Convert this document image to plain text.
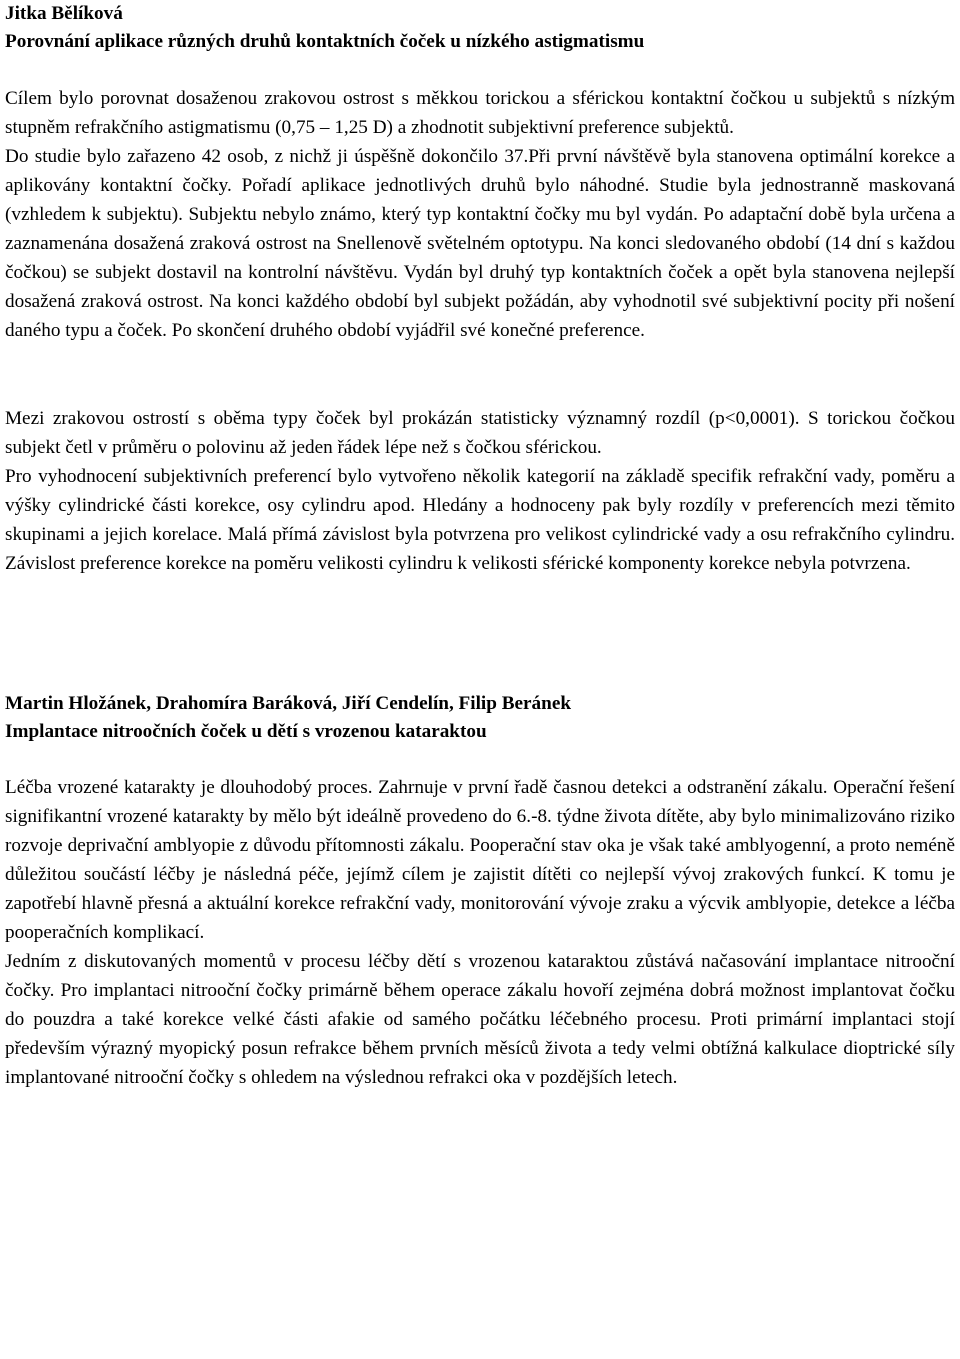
Jitka Bělíková

Porovnání aplikace různých druhů kontaktních čoček u nízkého astigmatismu

Cílem bylo porovnat dosaženou zrakovou ostrost s měkkou torickou a sférickou kontaktní čočkou u subjektů s nízkým stupněm refrakčního astigmatismu (0,75 – 1,25 D) a zhodnotit subjektivní preference subjektů.

Do studie bylo zařazeno 42 osob, z nichž ji úspěšně dokončilo 37.Při první návštěvě byla stanovena optimální korekce a aplikovány kontaktní čočky. Pořadí aplikace jednotlivých druhů bylo náhodné. Studie byla jednostranně maskovaná (vzhledem k subjektu). Subjektu nebylo známo, který typ kontaktní čočky mu byl vydán. Po adaptační době byla určena a zaznamenána dosažená zraková ostrost na Snellenově světelném optotypu. Na konci sledovaného období (14 dní s každou čočkou) se subjekt dostavil na kontrolní návštěvu. Vydán byl druhý typ kontaktních čoček a opět byla stanovena nejlepší dosažená zraková ostrost. Na konci každého období byl subjekt požádán, aby vyhodnotil své subjektivní pocity při nošení daného typu a čoček. Po skončení druhého období vyjádřil své konečné preference.

Mezi zrakovou ostrostí s oběma typy čoček byl prokázán statisticky významný rozdíl (p<0,0001). S torickou čočkou subjekt četl v průměru o polovinu až jeden řádek lépe než s čočkou sférickou.

Pro vyhodnocení subjektivních preferencí bylo vytvořeno několik kategorií na základě specifik refrakční vady, poměru a výšky cylindrické části korekce, osy cylindru apod. Hledány a hodnoceny pak byly rozdíly v preferencích mezi těmito skupinami a jejich korelace. Malá přímá závislost byla potvrzena pro velikost cylindrické vady a osu refrakčního cylindru. Závislost preference korekce na poměru velikosti cylindru k velikosti sférické komponenty korekce nebyla potvrzena.

Martin Hložánek, Drahomíra Baráková, Jiří Cendelín, Filip Beránek

Implantace nitroočních čoček u dětí s vrozenou kataraktou

Léčba vrozené katarakty je dlouhodobý proces. Zahrnuje v první řadě časnou detekci a odstranění zákalu. Operační řešení signifikantní vrozené katarakty by mělo být ideálně provedeno do 6.-8. týdne života dítěte, aby bylo minimalizováno riziko rozvoje deprivační amblyopie z důvodu přítomnosti zákalu. Pooperační stav oka je však také amblyogenní, a proto neméně důležitou součástí léčby je následná péče, jejímž cílem je zajistit dítěti co nejlepší vývoj zrakových funkcí. K tomu je zapotřebí hlavně přesná a aktuální korekce refrakční vady, monitorování vývoje zraku a výcvik amblyopie, detekce a léčba pooperačních komplikací.

Jedním z diskutovaných momentů v procesu léčby dětí s vrozenou kataraktou zůstává načasování implantace nitrooční čočky. Pro implantaci nitrooční čočky primárně během operace zákalu hovoří zejména dobrá možnost implantovat čočku do pouzdra a také korekce velké části afakie od samého počátku léčebného procesu. Proti primární implantaci stojí především výrazný myopický posun refrakce během prvních měsíců života a tedy velmi obtížná kalkulace dioptrické síly implantované nitrooční čočky s ohledem na výslednou refrakci oka v pozdějších letech.
